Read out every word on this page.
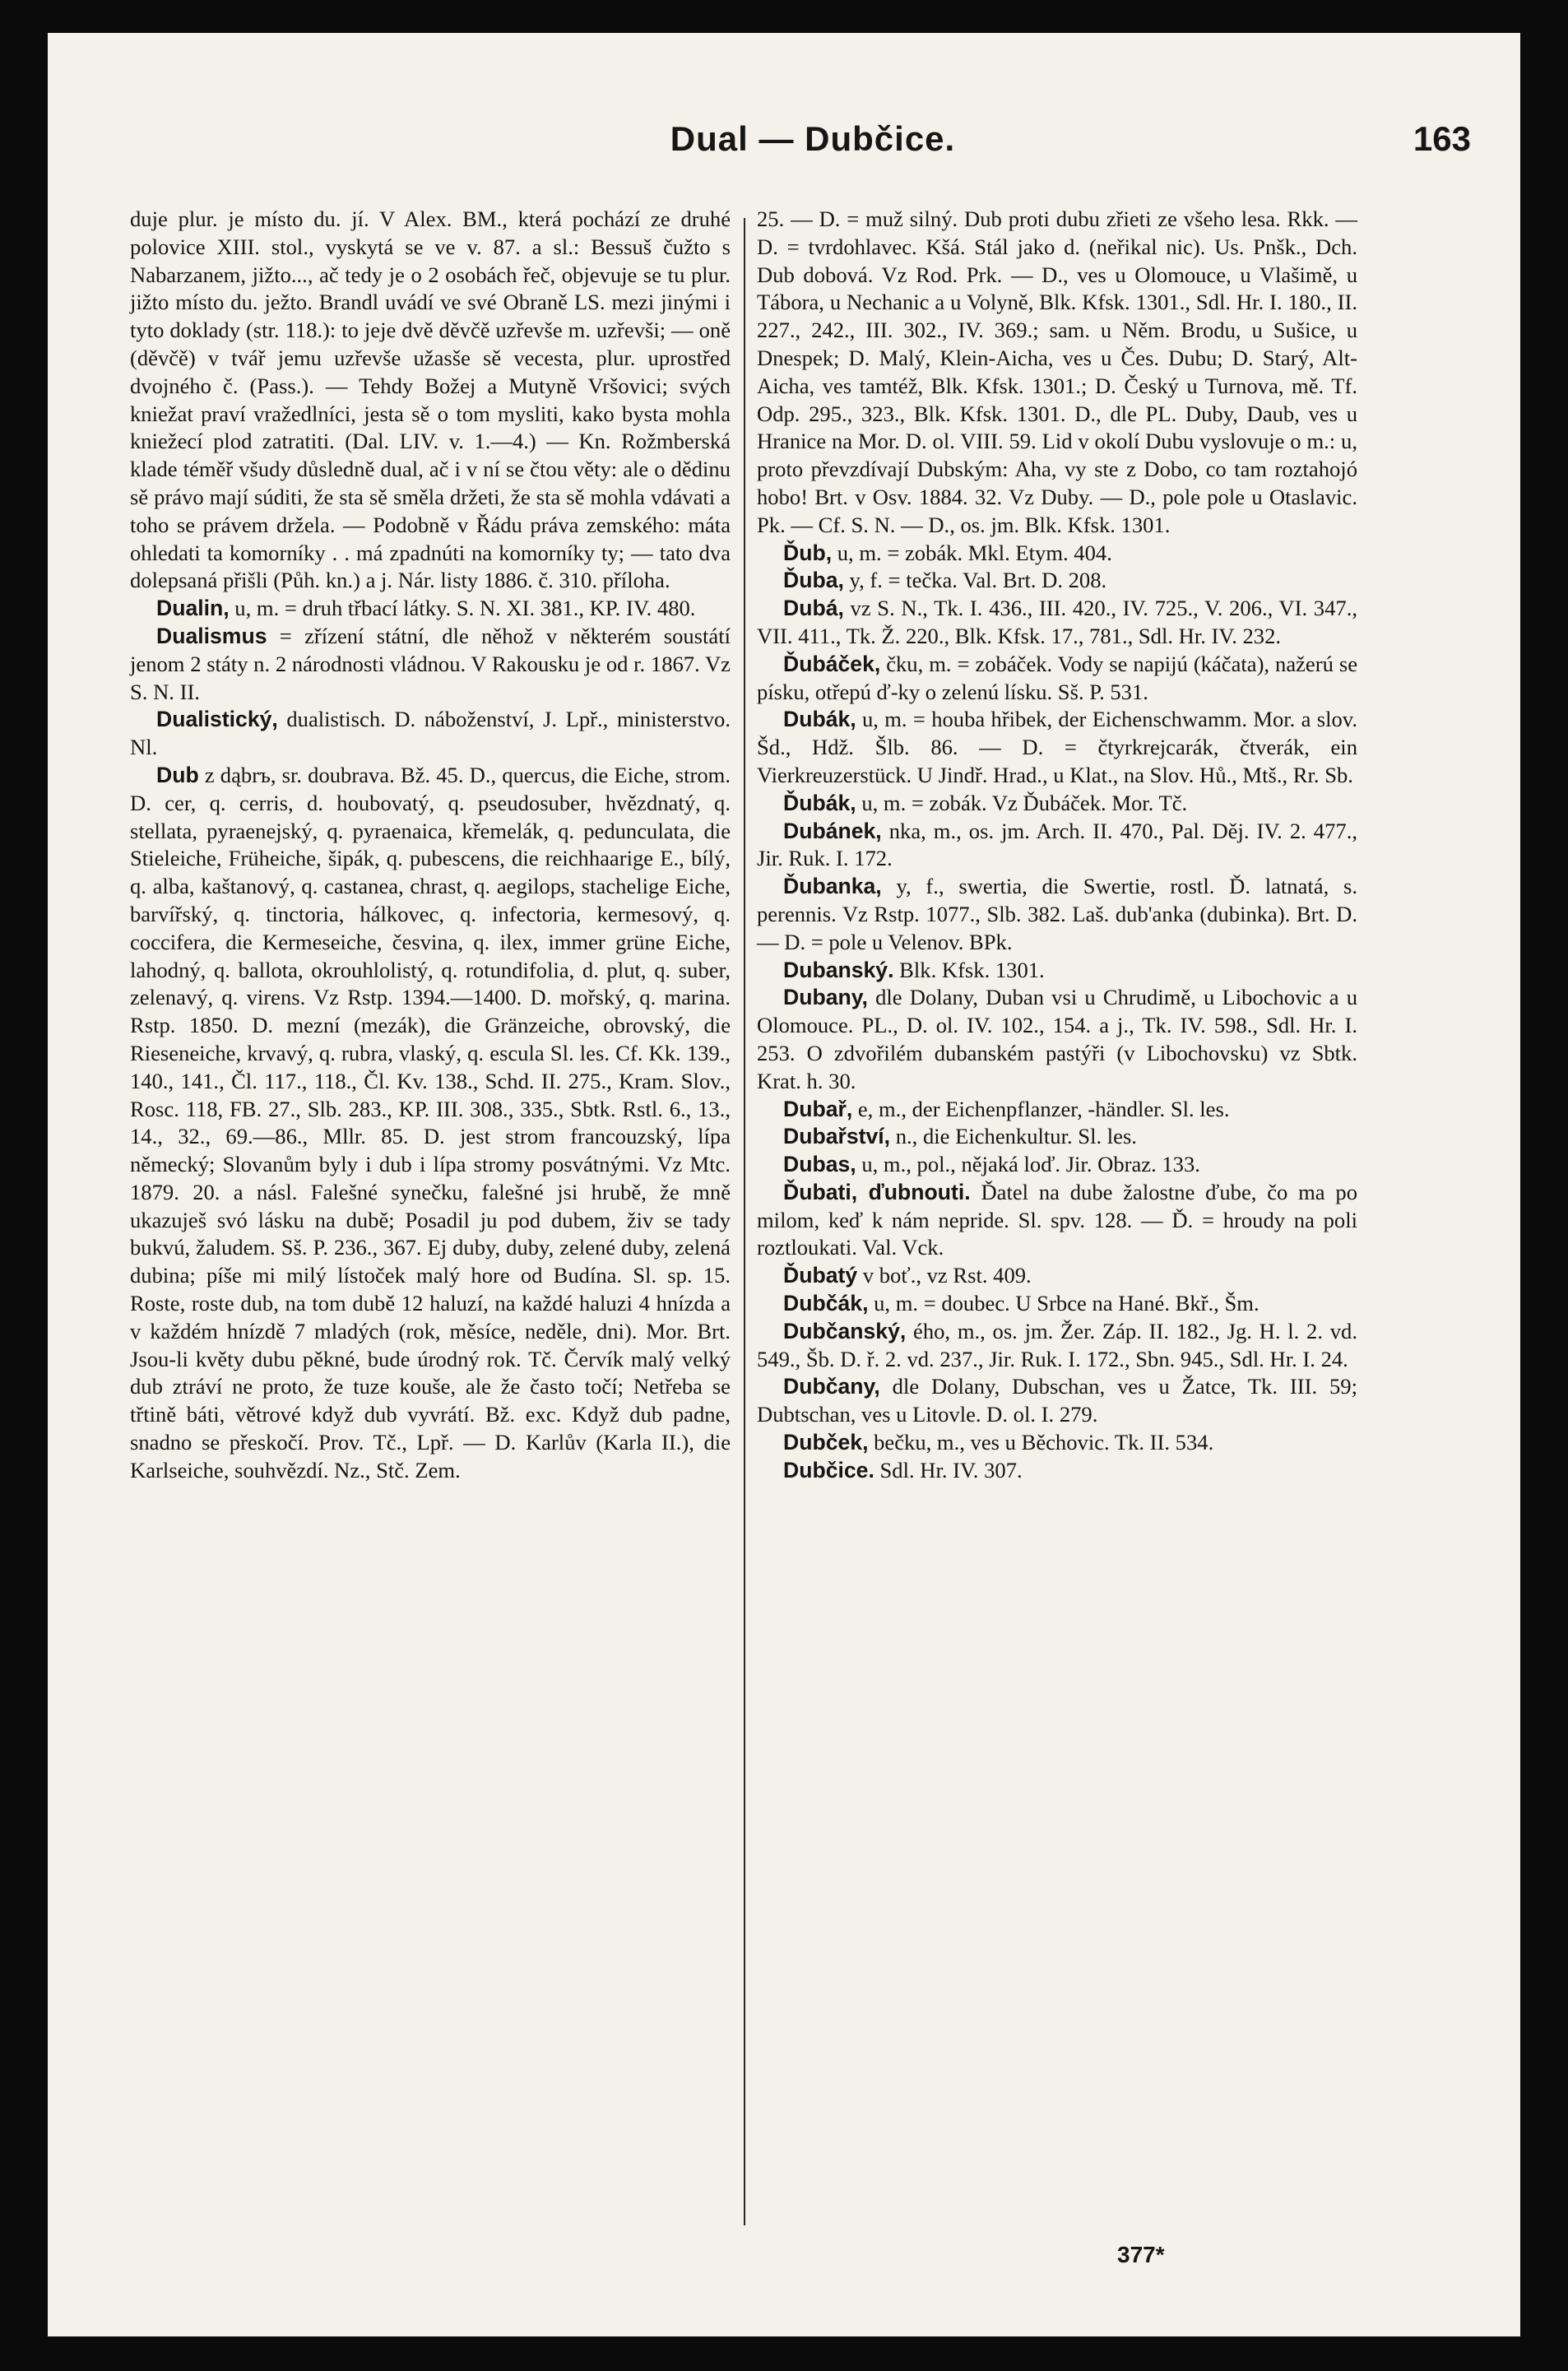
Dual — Dubčice.	163

duje plur. je místo du. jí. V Alex. BM., která pochází ze druhé polovice XIII. stol., vyskytá se ve v. 87. a sl.: Bessuš čužto s Nabarzanem, jižto..., ač tedy je o 2 osobách řeč, objevuje se tu plur. jižto místo du. ježto. Brandl uvádí ve své Obraně LS. mezi jinými i tyto doklady (str. 118.): to jeje dvě děvčě uzřevše m. uzřevši; — oně (děvčě) v tvář jemu uzřevše užasše sě vecesta, plur. uprostřed dvojného č. (Pass.). — Tehdy Božej a Mutyně Vršovici; svých kniežat praví vražedlníci, jesta sě o tom mysliti, kako bysta mohla kniežecí plod zatratiti. (Dal. LIV. v. 1.—4.) — Kn. Rožmberská klade téměř všudy důsledně dual, ač i v ní se čtou věty: ale o dědinu sě právo mají súditi, že sta sě směla držeti, že sta sě mohla vdávati a toho se právem držela. — Podobně v Řádu práva zemského: máta ohledati ta komorníky . . má zpadnúti na komorníky ty; — tato dva dolepsaná přišli (Půh. kn.) a j. Nár. listy 1886. č. 310. příloha.

Dualin, u, m. = druh třbací látky. S. N. XI. 381., KP. IV. 480.

Dualismus = zřízení státní, dle něhož v některém soustátí jenom 2 státy n. 2 národnosti vládnou. V Rakousku je od r. 1867. Vz S. N. II.

Dualistický, dualistisch. D. náboženství, J. Lpř., ministerstvo. Nl.

Dub z dąbrъ, sr. doubrava. Bž. 45. D., quercus, die Eiche, strom. D. cer, q. cerris, d. houbovatý, q. pseudosuber, hvězdnatý, q. stellata, pyraenejský, q. pyraenaica, křemelák, q. pedunculata, die Stieleiche, Früheiche, šipák, q. pubescens, die reichhaarige E., bílý, q. alba, kaštanový, q. castanea, chrast, q. aegilops, stachelige Eiche, barvířský, q. tinctoria, hálkovec, q. infectoria, kermesový, q. coccifera, die Kermeseiche, česvina, q. ilex, immer grüne Eiche, lahodný, q. ballota, okrouhlolistý, q. rotundifolia, d. plut, q. suber, zelenavý, q. virens. Vz Rstp. 1394.—1400. D. mořský, q. marina. Rstp. 1850. D. mezní (mezák), die Gränzeiche, obrovský, die Rieseneiche, krvavý, q. rubra, vlaský, q. escula Sl. les. Cf. Kk. 139., 140., 141., Čl. 117., 118., Čl. Kv. 138., Schd. II. 275., Kram. Slov., Rosc. 118, FB. 27., Slb. 283., KP. III. 308., 335., Sbtk. Rstl. 6., 13., 14., 32., 69.—86., Mllr. 85. D. jest strom francouzský, lípa německý; Slovanům byly i dub i lípa stromy posvátnými. Vz Mtc. 1879. 20. a násl. Falešné synečku, falešné jsi hrubě, že mně ukazuješ svó lásku na dubě; Posadil ju pod dubem, živ se tady bukvú, žaludem. Sš. P. 236., 367. Ej duby, duby, zelené duby, zelená dubina; píše mi milý lístoček malý hore od Budína. Sl. sp. 15. Roste, roste dub, na tom dubě 12 haluzí, na každé haluzi 4 hnízda a v každém hnízdě 7 mladých (rok, měsíce, neděle, dni). Mor. Brt. Jsou-li květy dubu pěkné, bude úrodný rok. Tč. Červík malý velký dub ztráví ne proto, že tuze kouše, ale že často točí; Netřeba se třtině báti, větrové když dub vyvrátí. Bž. exc. Když dub padne, snadno se přeskočí. Prov. Tč., Lpř. — D. Karlův (Karla II.), die Karlseiche, souhvězdí. Nz., Stč. Zem.

25. — D. = muž silný. Dub proti dubu zřieti ze všeho lesa. Rkk. — D. = tvrdohlavec. Kšá. Stál jako d. (neřikal nic). Us. Pnšk., Dch. Dub dobová. Vz Rod. Prk. — D., ves u Olomouce, u Vlašimě, u Tábora, u Nechanic a u Volyně, Blk. Kfsk. 1301., Sdl. Hr. I. 180., II. 227., 242., III. 302., IV. 369.; sam. u Něm. Brodu, u Sušice, u Dnespek; D. Malý, Klein-Aicha, ves u Čes. Dubu; D. Starý, Alt-Aicha, ves tamtéž, Blk. Kfsk. 1301.; D. Český u Turnova, mě. Tf. Odp. 295., 323., Blk. Kfsk. 1301. D., dle PL. Duby, Daub, ves u Hranice na Mor. D. ol. VIII. 59. Lid v okolí Dubu vyslovuje o m.: u, proto převzdívají Dubským: Aha, vy ste z Dobo, co tam roztahojó hobo! Brt. v Osv. 1884. 32. Vz Duby. — D., pole pole u Otaslavic. Pk. — Cf. S. N. — D., os. jm. Blk. Kfsk. 1301.

Ďub, u, m. = zobák. Mkl. Etym. 404.

Ďuba, y, f. = tečka. Val. Brt. D. 208.

Dubá, vz S. N., Tk. I. 436., III. 420., IV. 725., V. 206., VI. 347., VII. 411., Tk. Ž. 220., Blk. Kfsk. 17., 781., Sdl. Hr. IV. 232.

Ďubáček, čku, m. = zobáček. Vody se napijú (káčata), nažerú se písku, otřepú ď-ky o zelenú lísku. Sš. P. 531.

Dubák, u, m. = houba hřibek, der Eichenschwamm. Mor. a slov. Šd., Hdž. Šlb. 86. — D. = čtyrkrejcarák, čtverák, ein Vierkreuzerstück. U Jindř. Hrad., u Klat., na Slov. Hů., Mtš., Rr. Sb.

Ďubák, u, m. = zobák. Vz Ďubáček. Mor. Tč.

Dubánek, nka, m., os. jm. Arch. II. 470., Pal. Děj. IV. 2. 477., Jir. Ruk. I. 172.

Ďubanka, y, f., swertia, die Swertie, rostl. Ď. latnatá, s. perennis. Vz Rstp. 1077., Slb. 382. Laš. dub'anka (dubinka). Brt. D. — D. = pole u Velenov. BPk.

Dubanský. Blk. Kfsk. 1301.

Dubany, dle Dolany, Duban vsi u Chrudimě, u Libochovic a u Olomouce. PL., D. ol. IV. 102., 154. a j., Tk. IV. 598., Sdl. Hr. I. 253. O zdvořilém dubanském pastýři (v Libochovsku) vz Sbtk. Krat. h. 30.

Dubař, e, m., der Eichenpflanzer, -händler. Sl. les.

Dubařství, n., die Eichenkultur. Sl. les.

Dubas, u, m., pol., nějaká loď. Jir. Obraz. 133.

Ďubati, ďubnouti. Ďatel na dube žalostne ďube, čo ma po milom, keď k nám nepride. Sl. spv. 128. — Ď. = hroudy na poli roztloukati. Val. Vck.

Ďubatý v boť., vz Rst. 409.

Dubčák, u, m. = doubec. U Srbce na Hané. Bkř., Šm.

Dubčanský, ého, m., os. jm. Žer. Záp. II. 182., Jg. H. l. 2. vd. 549., Šb. D. ř. 2. vd. 237., Jir. Ruk. I. 172., Sbn. 945., Sdl. Hr. I. 24.

Dubčany, dle Dolany, Dubschan, ves u Žatce, Tk. III. 59; Dubtschan, ves u Litovle. D. ol. I. 279.

Dubček, bečku, m., ves u Běchovic. Tk. II. 534.

Dubčice. Sdl. Hr. IV. 307.

377*
